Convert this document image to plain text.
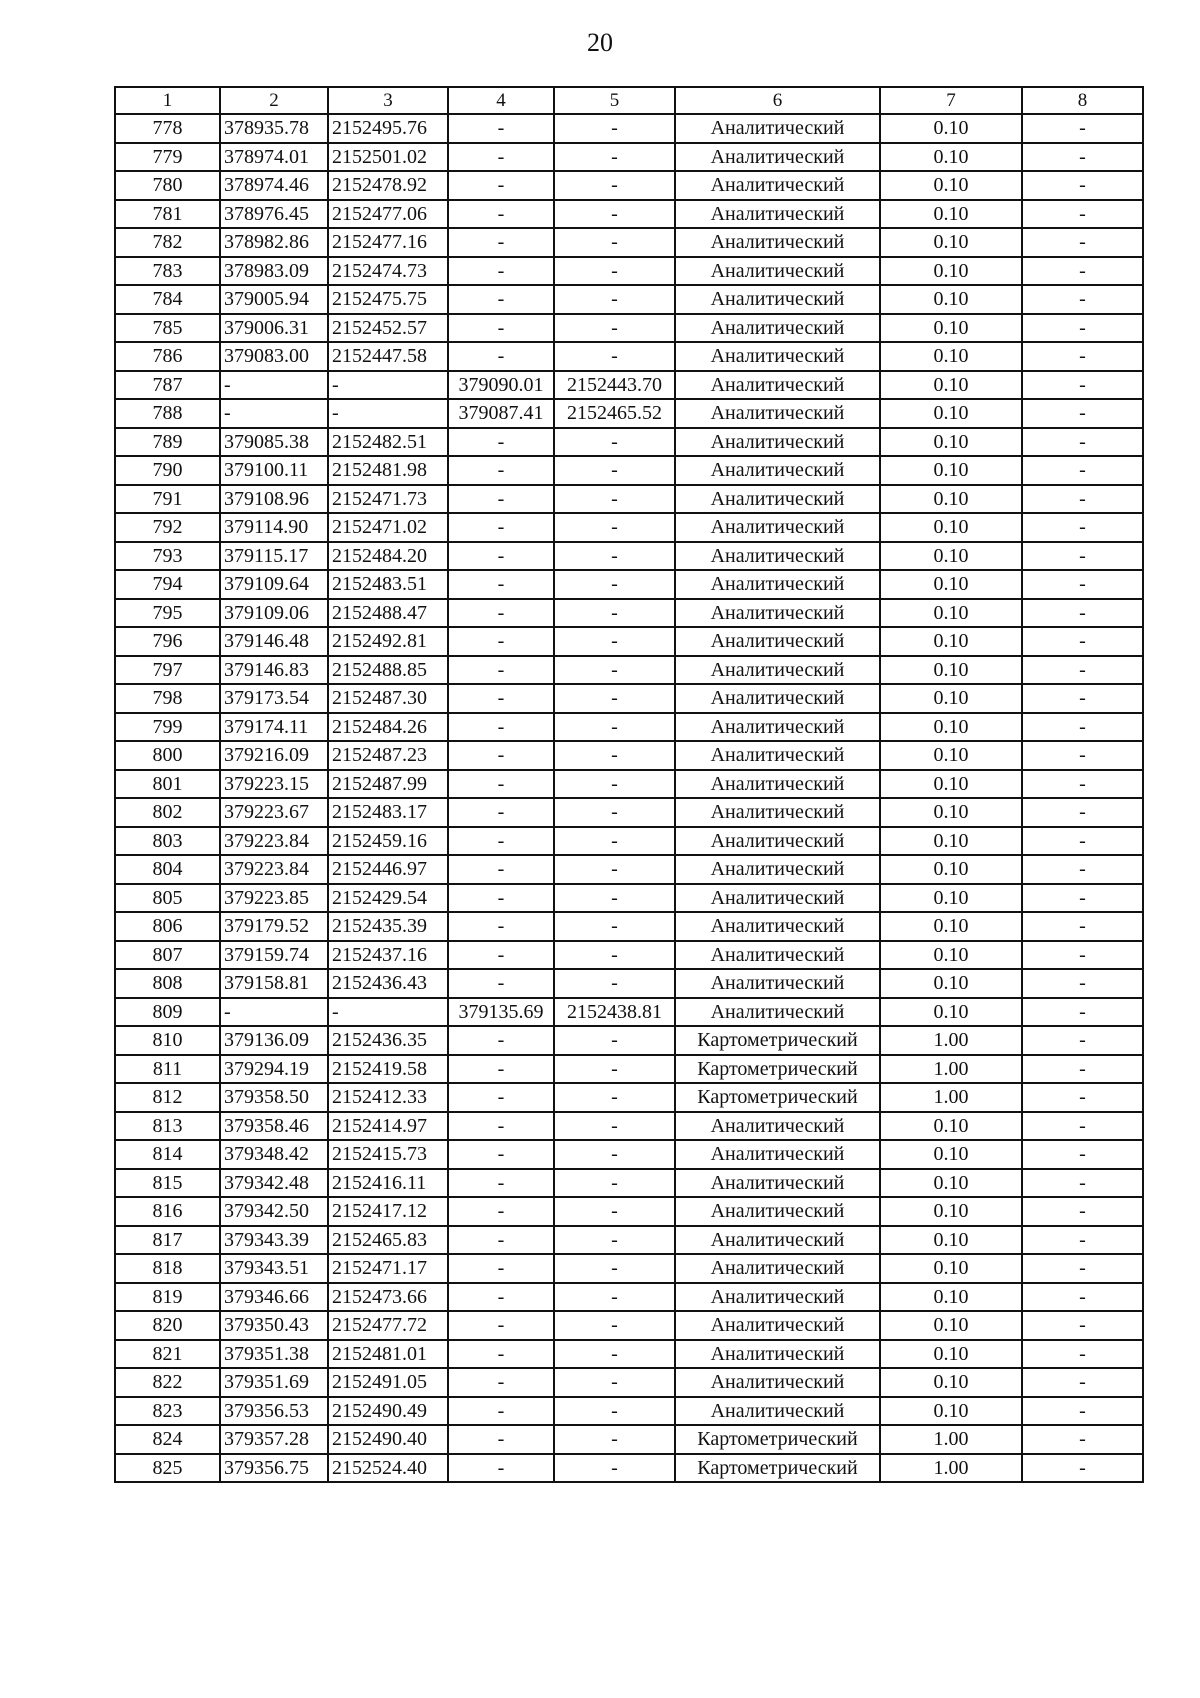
20
1	2	3	4	5	6	7	8
778	378935.78	2152495.76	-	-	Аналитический	0.10	-
779	378974.01	2152501.02	-	-	Аналитический	0.10	-
780	378974.46	2152478.92	-	-	Аналитический	0.10	-
781	378976.45	2152477.06	-	-	Аналитический	0.10	-
782	378982.86	2152477.16	-	-	Аналитический	0.10	-
783	378983.09	2152474.73	-	-	Аналитический	0.10	-
784	379005.94	2152475.75	-	-	Аналитический	0.10	-
785	379006.31	2152452.57	-	-	Аналитический	0.10	-
786	379083.00	2152447.58	-	-	Аналитический	0.10	-
787	-	-	379090.01	2152443.70	Аналитический	0.10	-
788	-	-	379087.41	2152465.52	Аналитический	0.10	-
789	379085.38	2152482.51	-	-	Аналитический	0.10	-
790	379100.11	2152481.98	-	-	Аналитический	0.10	-
791	379108.96	2152471.73	-	-	Аналитический	0.10	-
792	379114.90	2152471.02	-	-	Аналитический	0.10	-
793	379115.17	2152484.20	-	-	Аналитический	0.10	-
794	379109.64	2152483.51	-	-	Аналитический	0.10	-
795	379109.06	2152488.47	-	-	Аналитический	0.10	-
796	379146.48	2152492.81	-	-	Аналитический	0.10	-
797	379146.83	2152488.85	-	-	Аналитический	0.10	-
798	379173.54	2152487.30	-	-	Аналитический	0.10	-
799	379174.11	2152484.26	-	-	Аналитический	0.10	-
800	379216.09	2152487.23	-	-	Аналитический	0.10	-
801	379223.15	2152487.99	-	-	Аналитический	0.10	-
802	379223.67	2152483.17	-	-	Аналитический	0.10	-
803	379223.84	2152459.16	-	-	Аналитический	0.10	-
804	379223.84	2152446.97	-	-	Аналитический	0.10	-
805	379223.85	2152429.54	-	-	Аналитический	0.10	-
806	379179.52	2152435.39	-	-	Аналитический	0.10	-
807	379159.74	2152437.16	-	-	Аналитический	0.10	-
808	379158.81	2152436.43	-	-	Аналитический	0.10	-
809	-	-	379135.69	2152438.81	Аналитический	0.10	-
810	379136.09	2152436.35	-	-	Картометрический	1.00	-
811	379294.19	2152419.58	-	-	Картометрический	1.00	-
812	379358.50	2152412.33	-	-	Картометрический	1.00	-
813	379358.46	2152414.97	-	-	Аналитический	0.10	-
814	379348.42	2152415.73	-	-	Аналитический	0.10	-
815	379342.48	2152416.11	-	-	Аналитический	0.10	-
816	379342.50	2152417.12	-	-	Аналитический	0.10	-
817	379343.39	2152465.83	-	-	Аналитический	0.10	-
818	379343.51	2152471.17	-	-	Аналитический	0.10	-
819	379346.66	2152473.66	-	-	Аналитический	0.10	-
820	379350.43	2152477.72	-	-	Аналитический	0.10	-
821	379351.38	2152481.01	-	-	Аналитический	0.10	-
822	379351.69	2152491.05	-	-	Аналитический	0.10	-
823	379356.53	2152490.49	-	-	Аналитический	0.10	-
824	379357.28	2152490.40	-	-	Картометрический	1.00	-
825	379356.75	2152524.40	-	-	Картометрический	1.00	-
